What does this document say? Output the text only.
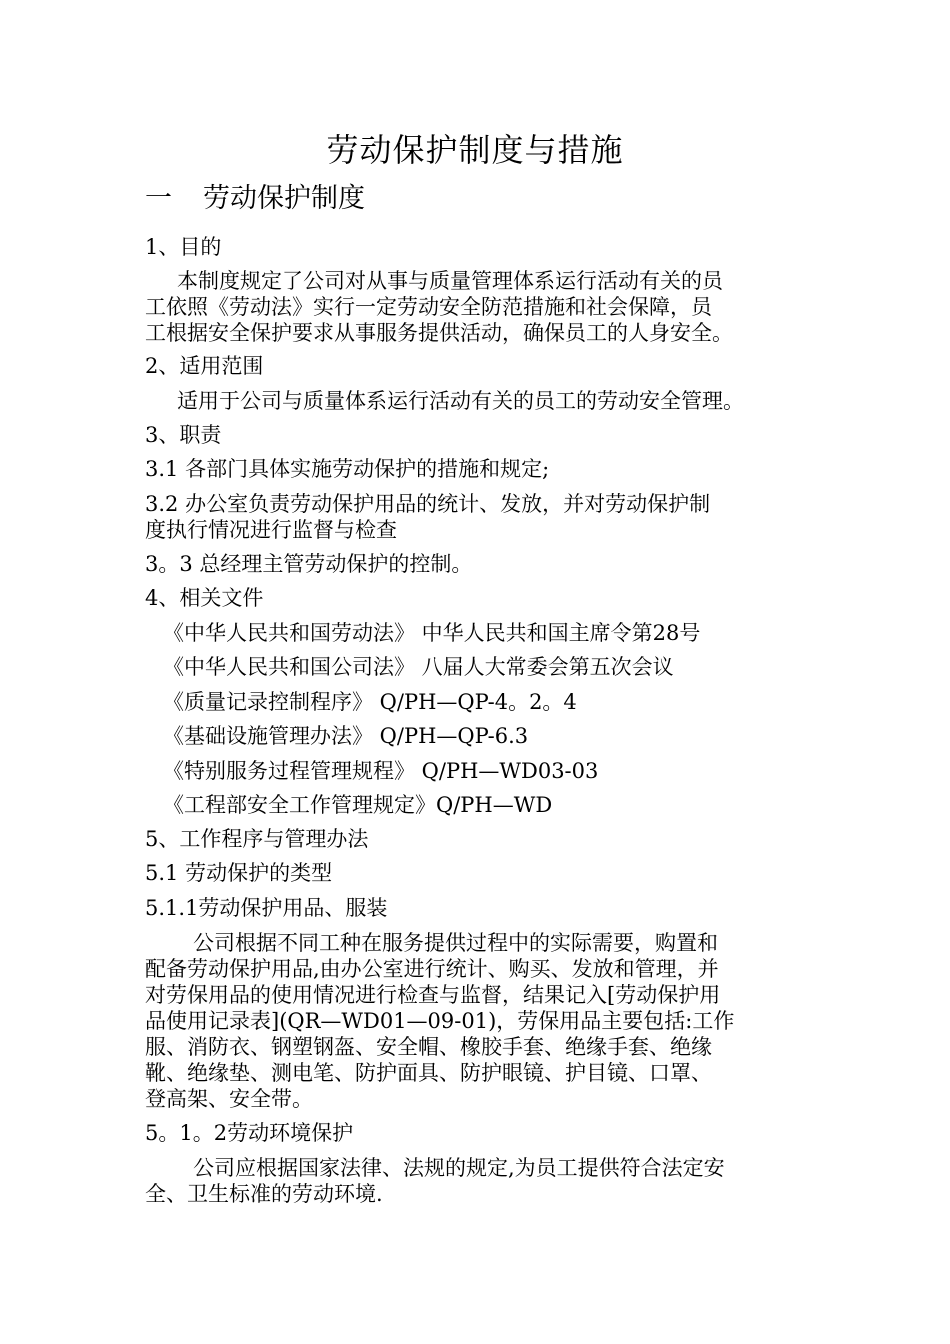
劳动保护制度与措施
一 劳动保护制度
1、目的
本制度规定了公司对从事与质量管理体系运行活动有关的员
工依照《劳动法》实行一定劳动安全防范措施和社会保障，员
工根据安全保护要求从事服务提供活动，确保员工的人身安全。
2、适用范围
适用于公司与质量体系运行活动有关的员工的劳动安全管理。
3、职责
3.1 各部门具体实施劳动保护的措施和规定;
3.2 办公室负责劳动保护用品的统计、发放，并对劳动保护制
度执行情况进行监督与检查
3。3 总经理主管劳动保护的控制。
4、相关文件
《中华人民共和国劳动法》 中华人民共和国主席令第28号
《中华人民共和国公司法》 八届人大常委会第五次会议
《质量记录控制程序》 Q/PH—QP-4。2。4
《基础设施管理办法》 Q/PH—QP-6.3
《特别服务过程管理规程》 Q/PH—WD03-03
《工程部安全工作管理规定》Q/PH—WD
5、工作程序与管理办法
5.1 劳动保护的类型
5.1.1劳动保护用品、服装
公司根据不同工种在服务提供过程中的实际需要，购置和
配备劳动保护用品,由办公室进行统计、购买、发放和管理，并
对劳保用品的使用情况进行检查与监督，结果记入[劳动保护用
品使用记录表](QR—WD01—09-01)，劳保用品主要包括:工作
服、消防衣、钢塑钢盔、安全帽、橡胶手套、绝缘手套、绝缘
靴、绝缘垫、测电笔、防护面具、防护眼镜、护目镜、口罩、
登高架、安全带。
5。1。2劳动环境保护
公司应根据国家法律、法规的规定,为员工提供符合法定安
全、卫生标准的劳动环境.
